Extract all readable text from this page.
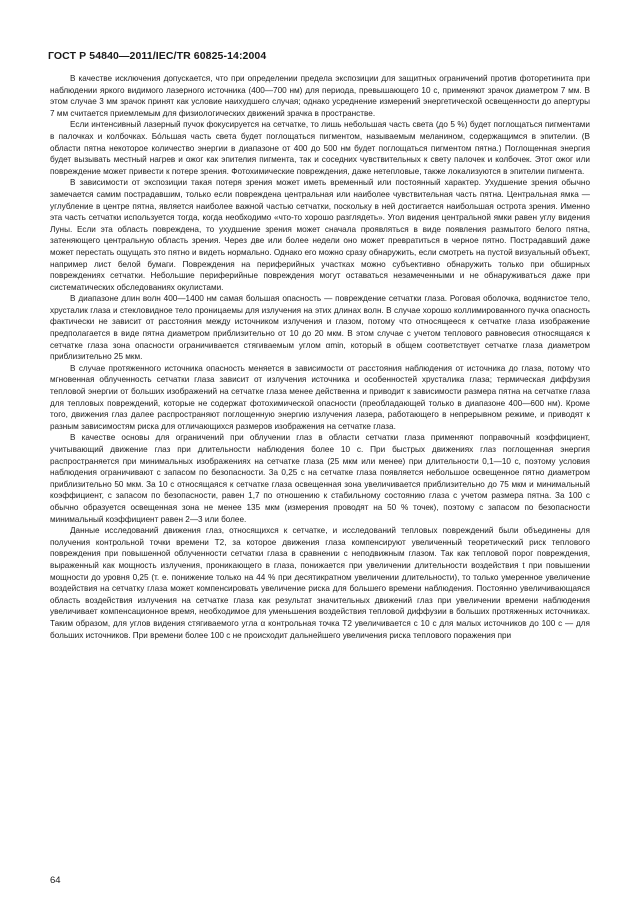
ГОСТ Р 54840—2011/IEC/TR 60825-14:2004

В качестве исключения допускается, что при определении предела экспозиции для защитных ограничений против фоторетинита при наблюдении яркого видимого лазерного источника (400—700 нм) для периода, превышающего 10 с, применяют зрачок диаметром 7 мм. В этом случае 3 мм зрачок принят как условие наихудшего случая; однако усреднение измерений энергетической освещенности до апертуры 7 мм считается приемлемым для физиологических движений зрачка в пространстве.

Если интенсивный лазерный пучок фокусируется на сетчатке, то лишь небольшая часть света (до 5 %) будет поглощаться пигментами в палочках и колбочках. Бо́льшая часть света будет поглощаться пигментом, называемым меланином, содержащимся в эпителии. (В области пятна некоторое количество энергии в диапазоне от 400 до 500 нм будет поглощаться пигментом пятна.) Поглощенная энергия будет вызывать местный нагрев и ожог как эпителия пигмента, так и соседних чувствительных к свету палочек и колбочек. Этот ожог или повреждение может привести к потере зрения. Фотохимические повреждения, даже нетепловые, также локализуются в эпителии пигмента.

В зависимости от экспозиции такая потеря зрения может иметь временный или постоянный характер. Ухудшение зрения обычно замечается самим пострадавшим, только если повреждена центральная или наиболее чувствительная часть пятна. Центральная ямка — углубление в центре пятна, является наиболее важной частью сетчатки, поскольку в ней достигается наибольшая острота зрения. Именно эта часть сетчатки используется тогда, когда необходимо «что-то хорошо разглядеть». Угол видения центральной ямки равен углу видения Луны. Если эта область повреждена, то ухудшение зрения может сначала проявляться в виде появления размытого белого пятна, затеняющего центральную область зрения. Через две или более недели оно может превратиться в черное пятно. Пострадавший даже может перестать ощущать это пятно и видеть нормально. Однако его можно сразу обнаружить, если смотреть на пустой визуальный объект, например лист белой бумаги. Повреждения на периферийных участках можно субъективно обнаружить только при обширных повреждениях сетчатки. Небольшие периферийные повреждения могут оставаться незамеченными и не обнаруживаться даже при систематических обследованиях окулистами.

В диапазоне длин волн 400—1400 нм самая большая опасность — повреждение сетчатки глаза. Роговая оболочка, водянистое тело, хрусталик глаза и стекловидное тело проницаемы для излучения на этих длинах волн. В случае хорошо коллимированного пучка опасность фактически не зависит от расстояния между источником излучения и глазом, потому что относящееся к сетчатке глаза изображение предполагается в виде пятна диаметром приблизительно от 10 до 20 мкм. В этом случае с учетом теплового равновесия относящаяся к сетчатке глаза зона опасности ограничивается стягиваемым углом αmin, который в общем соответствует сетчатке глаза диаметром приблизительно 25 мкм.

В случае протяженного источника опасность меняется в зависимости от расстояния наблюдения от источника до глаза, потому что мгновенная облученность сетчатки глаза зависит от излучения источника и особенностей хрусталика глаза; термическая диффузия тепловой энергии от больших изображений на сетчатке глаза менее действенна и приводит к зависимости размера пятна на сетчатке глаза для тепловых повреждений, которые не содержат фотохимической опасности (преобладающей только в диапазоне 400—600 нм). Кроме того, движения глаз далее распространяют поглощенную энергию излучения лазера, работающего в непрерывном режиме, и приводят к разным зависимостям риска для отличающихся размеров изображения на сетчатке глаза.

В качестве основы для ограничений при облучении глаз в области сетчатки глаза применяют поправочный коэффициент, учитывающий движение глаз при длительности наблюдения более 10 с. При быстрых движениях глаз поглощенная энергия распространяется при минимальных изображениях на сетчатке глаза (25 мкм или менее) при длительности 0,1—10 с, поэтому условия наблюдения ограничивают с запасом по безопасности. За 0,25 с на сетчатке глаза появляется небольшое освещенное пятно диаметром приблизительно 50 мкм. За 10 с относящаяся к сетчатке глаза освещенная зона увеличивается приблизительно до 75 мкм и минимальный коэффициент, с запасом по безопасности, равен 1,7 по отношению к стабильному состоянию глаза с учетом размера пятна. За 100 с обычно образуется освещенная зона не менее 135 мкм (измерения проводят на 50 % точек), поэтому с запасом по безопасности минимальный коэффициент равен 2—3 или более.

Данные исследований движения глаз, относящихся к сетчатке, и исследований тепловых повреждений были объединены для получения контрольной точки времени T2, за которое движения глаза компенсируют увеличенный теоретический риск теплового повреждения при повышенной облученности сетчатки глаза в сравнении с неподвижным глазом. Так как тепловой порог повреждения, выраженный как мощность излучения, проникающего в глаза, понижается при увеличении длительности воздействия t при повышении мощности до уровня 0,25 (т. е. понижение только на 44 % при десятикратном увеличении длительности), то только умеренное увеличение воздействия на сетчатку глаза может компенсировать увеличение риска для большего времени наблюдения. Постоянно увеличивающаяся область воздействия излучения на сетчатке глаза как результат значительных движений глаз при увеличении времени наблюдения увеличивает компенсационное время, необходимое для уменьшения воздействия тепловой диффузии в больших протяженных источниках. Таким образом, для углов видения стягиваемого угла α контрольная точка T2 увеличивается с 10 с для малых источников до 100 с — для больших источников. При времени более 100 с не происходит дальнейшего увеличения риска теплового поражения при

64
